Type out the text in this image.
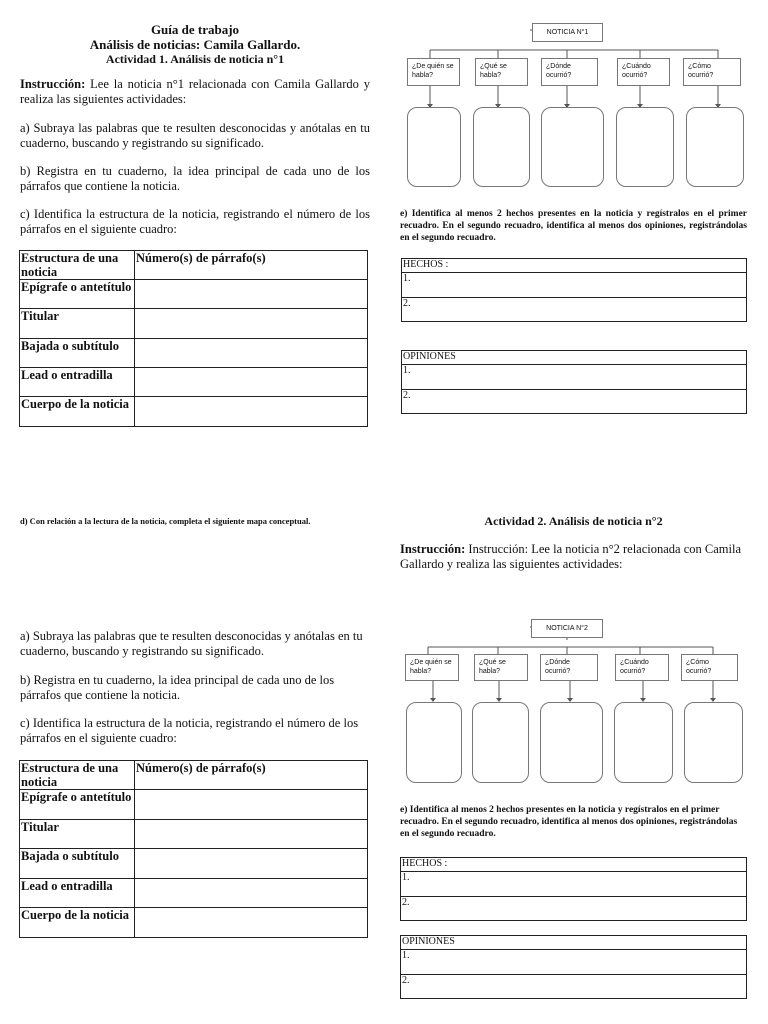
Guía de trabajo
Análisis de noticias: Camila Gallardo.
Actividad 1. Análisis de noticia n°1
Instrucción: Lee la noticia n°1 relacionada con Camila Gallardo y realiza las siguientes actividades:
a) Subraya las palabras que te resulten desconocidas y anótalas en tu cuaderno, buscando y registrando su significado.
b) Registra en tu cuaderno, la idea principal de cada uno de los párrafos que contiene la noticia.
c) Identifica la estructura de la noticia, registrando el número de los párrafos en el siguiente cuadro:
Estructura de una noticia	Número(s) de párrafo(s)
Epígrafe o antetítulo	
Titular	
Bajada o subtítulo	
Lead o entradilla	
Cuerpo de la noticia	
NOTICIA N°1
¿De quién se habla?
¿Qué se habla?
¿Dónde ocurrió?
¿Cuándo ocurrió?
¿Cómo ocurrió?
e) Identifica al menos 2 hechos presentes en la noticia y regístralos en el primer recuadro. En el segundo recuadro, identifica al menos dos opiniones, registrándolas en el segundo recuadro.
HECHOS :
1.
2.
OPINIONES
1.
2.
d) Con relación a la lectura de la noticia, completa el siguiente mapa conceptual.
a) Subraya las palabras que te resulten desconocidas y anótalas en tu cuaderno, buscando y registrando su significado.
b) Registra en tu cuaderno, la idea principal de cada uno de los párrafos que contiene la noticia.
c) Identifica la estructura de la noticia, registrando el número de los párrafos en el siguiente cuadro:
Estructura de una noticia	Número(s) de párrafo(s)
Epígrafe o antetítulo	
Titular	
Bajada o subtítulo	
Lead o entradilla	
Cuerpo de la noticia	
Actividad 2. Análisis de noticia n°2
Instrucción: Instrucción: Lee la noticia n°2 relacionada con Camila Gallardo y realiza las siguientes actividades:
NOTICIA N°2
¿De quién se habla?
¿Qué se habla?
¿Dónde ocurrió?
¿Cuándo ocurrió?
¿Cómo ocurrió?
e) Identifica al menos 2 hechos presentes en la noticia y regístralos en el primer recuadro. En el segundo recuadro, identifica al menos dos opiniones, registrándolas en el segundo recuadro.
HECHOS :
1.
2.
OPINIONES
1.
2.
